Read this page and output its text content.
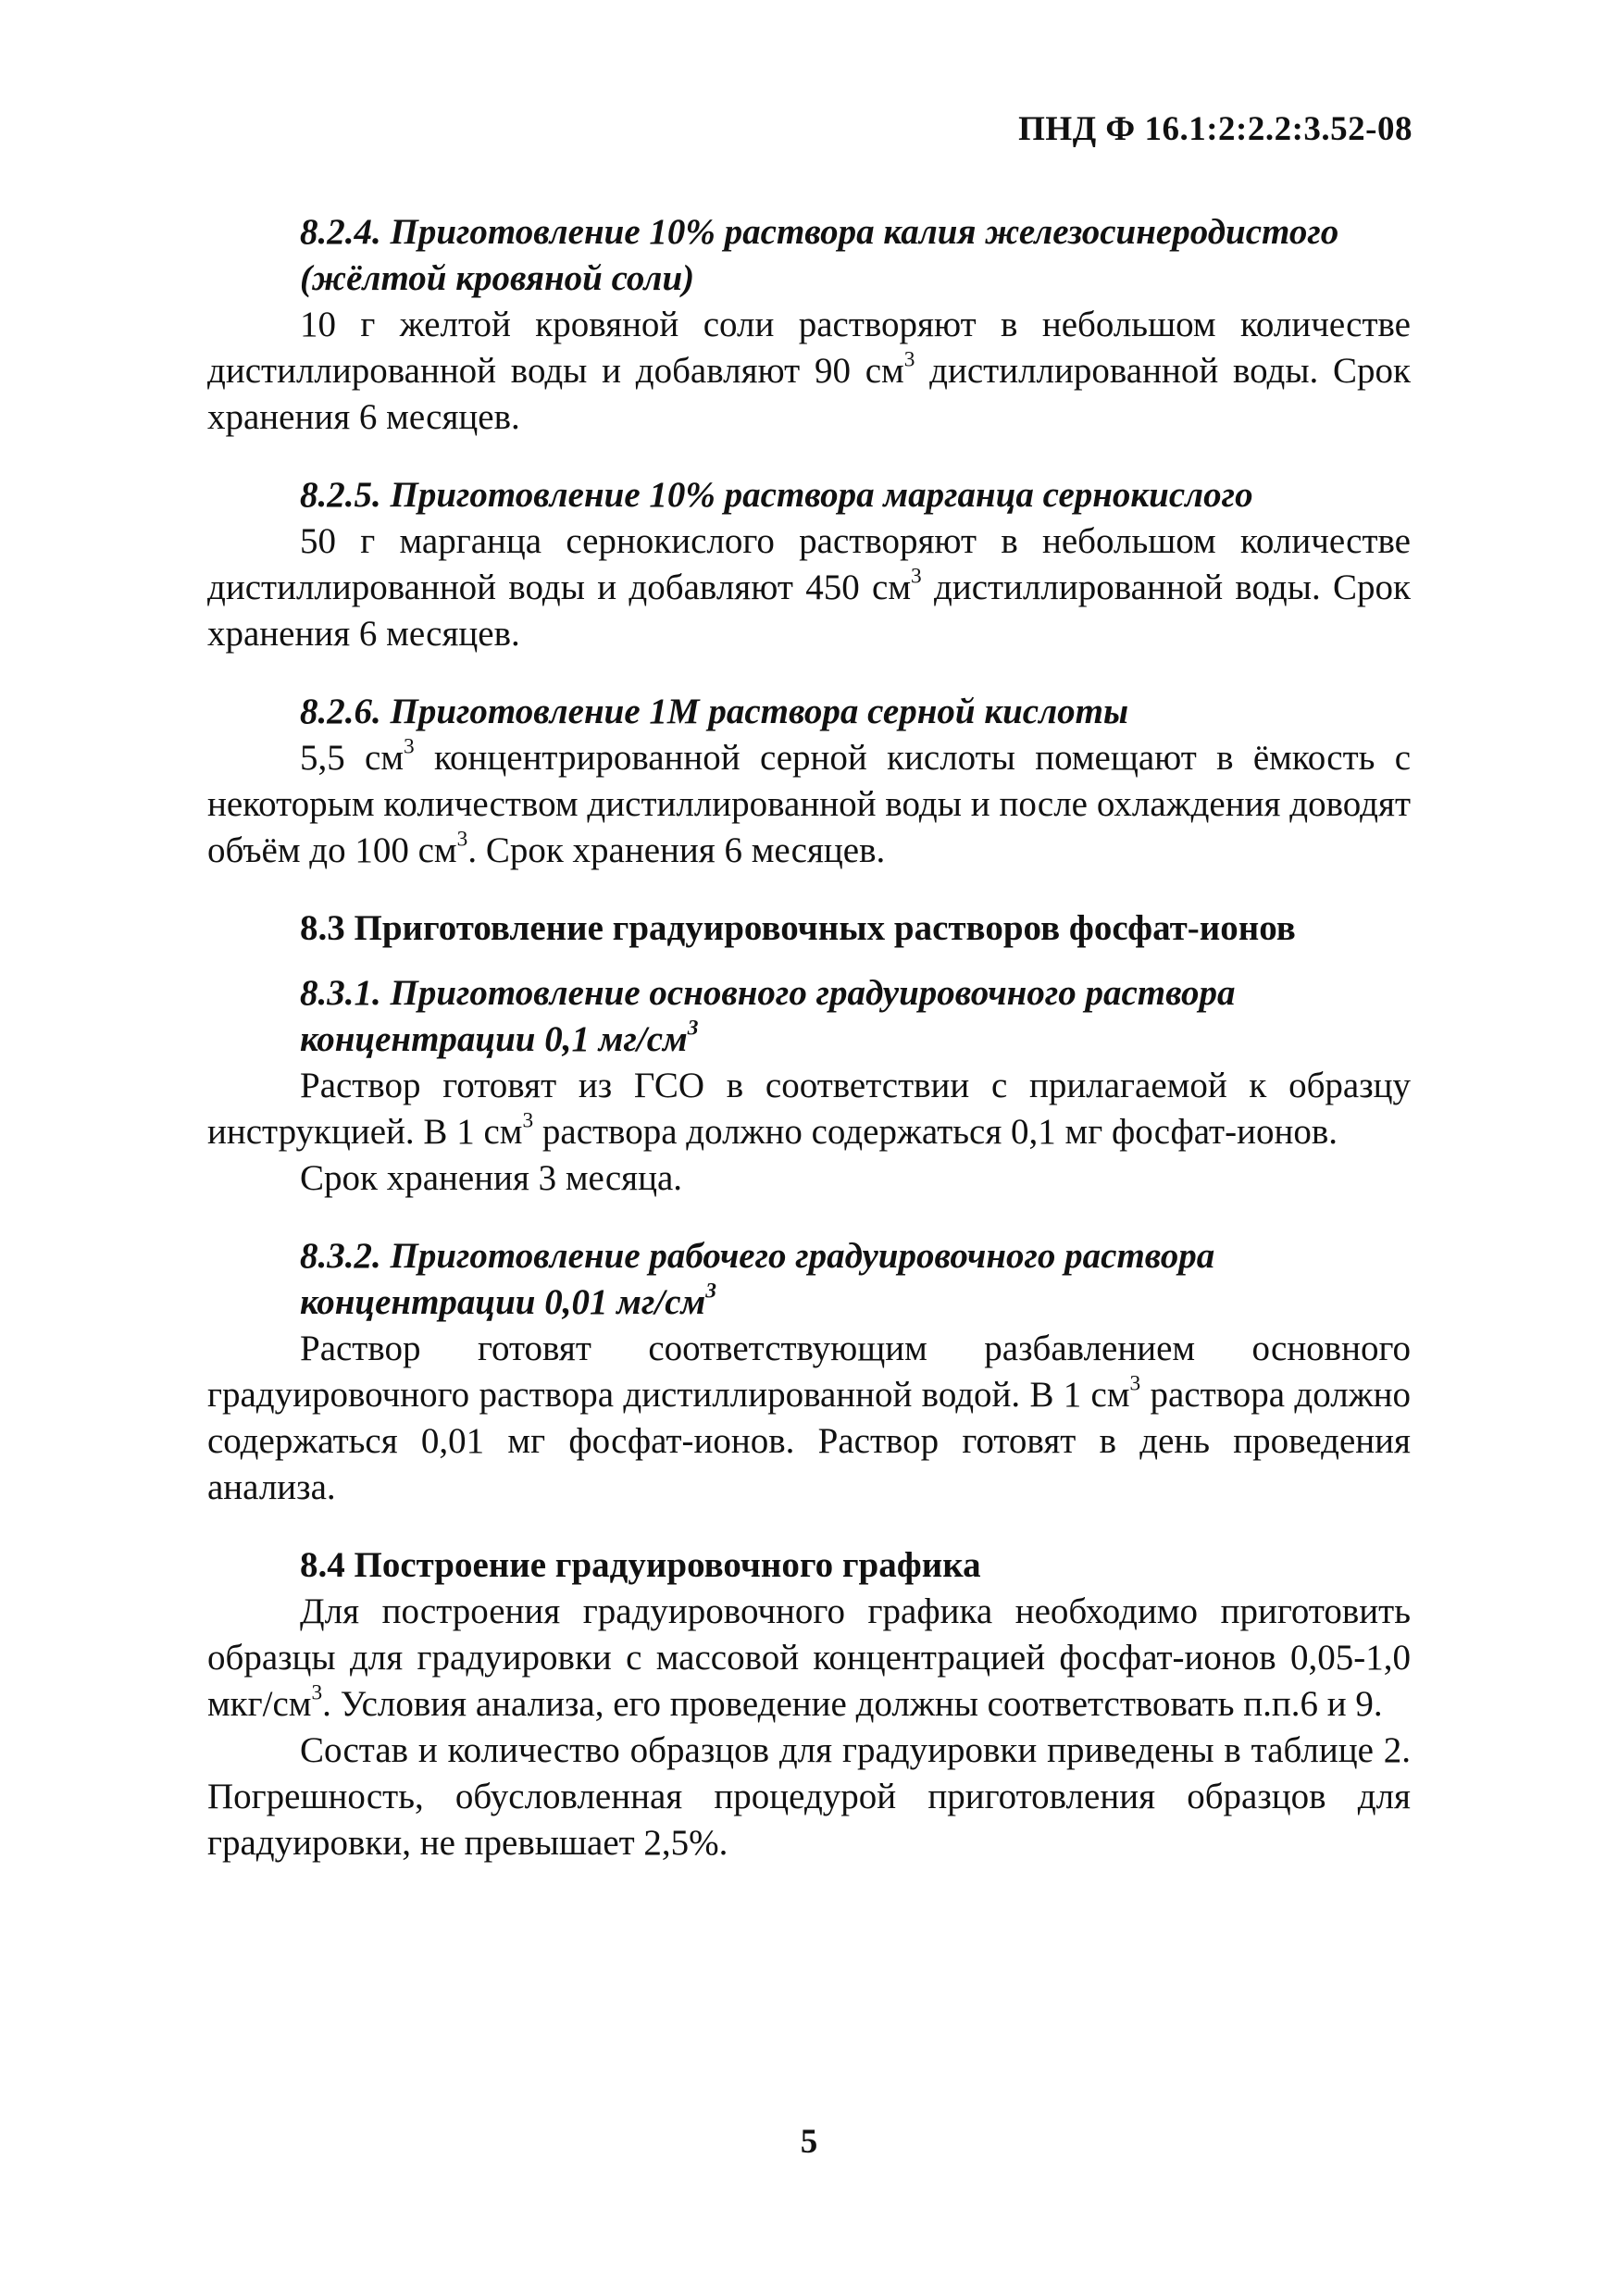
ПНД Ф 16.1:2:2.2:3.52-08
8.2.4. Приготовление 10% раствора калия железосинеродистого (жёлтой кровяной соли)

10 г желтой кровяной соли растворяют в небольшом количестве дистиллированной воды и добавляют 90 $см^3$ дистиллированной воды. Срок хранения 6 месяцев.

8.2.5. Приготовление 10% раствора марганца сернокислого

50 г марганца сернокислого растворяют в небольшом количестве дистиллированной воды и добавляют 450 $см^3$ дистиллированной воды. Срок хранения 6 месяцев.

8.2.6. Приготовление 1М раствора серной кислоты

5,5 $см^3$ концентрированной серной кислоты помещают в ёмкость с некоторым количеством дистиллированной воды и после охлаждения доводят объём до 100 $см^3$. Срок хранения 6 месяцев.

8.3 Приготовление градуировочных растворов фосфат-ионов
8.3.1. Приготовление основного градуировочного раствора концентрации 0,1 $мг/см^3$

Раствор готовят из ГСО в соответствии с прилагаемой к образцу инструкцией. В 1 $см^3$ раствора должно содержаться 0,1 мг фосфат-ионов.

Срок хранения 3 месяца.

8.3.2. Приготовление рабочего градуировочного раствора концентрации 0,01 $мг/см^3$

Раствор готовят соответствующим разбавлением основного градуировочного раствора дистиллированной водой. В 1 $см^3$ раствора должно содержаться 0,01 мг фосфат-ионов. Раствор готовят в день проведения анализа.

8.4 Построение градуировочного графика

Для построения градуировочного графика необходимо приготовить образцы для градуировки с массовой концентрацией фосфат-ионов 0,05-1,0 мкг/$см^3$. Условия анализа, его проведение должны соответствовать п.п.6 и 9.

Состав и количество образцов для градуировки приведены в таблице 2. Погрешность, обусловленная процедурой приготовления образцов для градуировки, не превышает 2,5%.

5
